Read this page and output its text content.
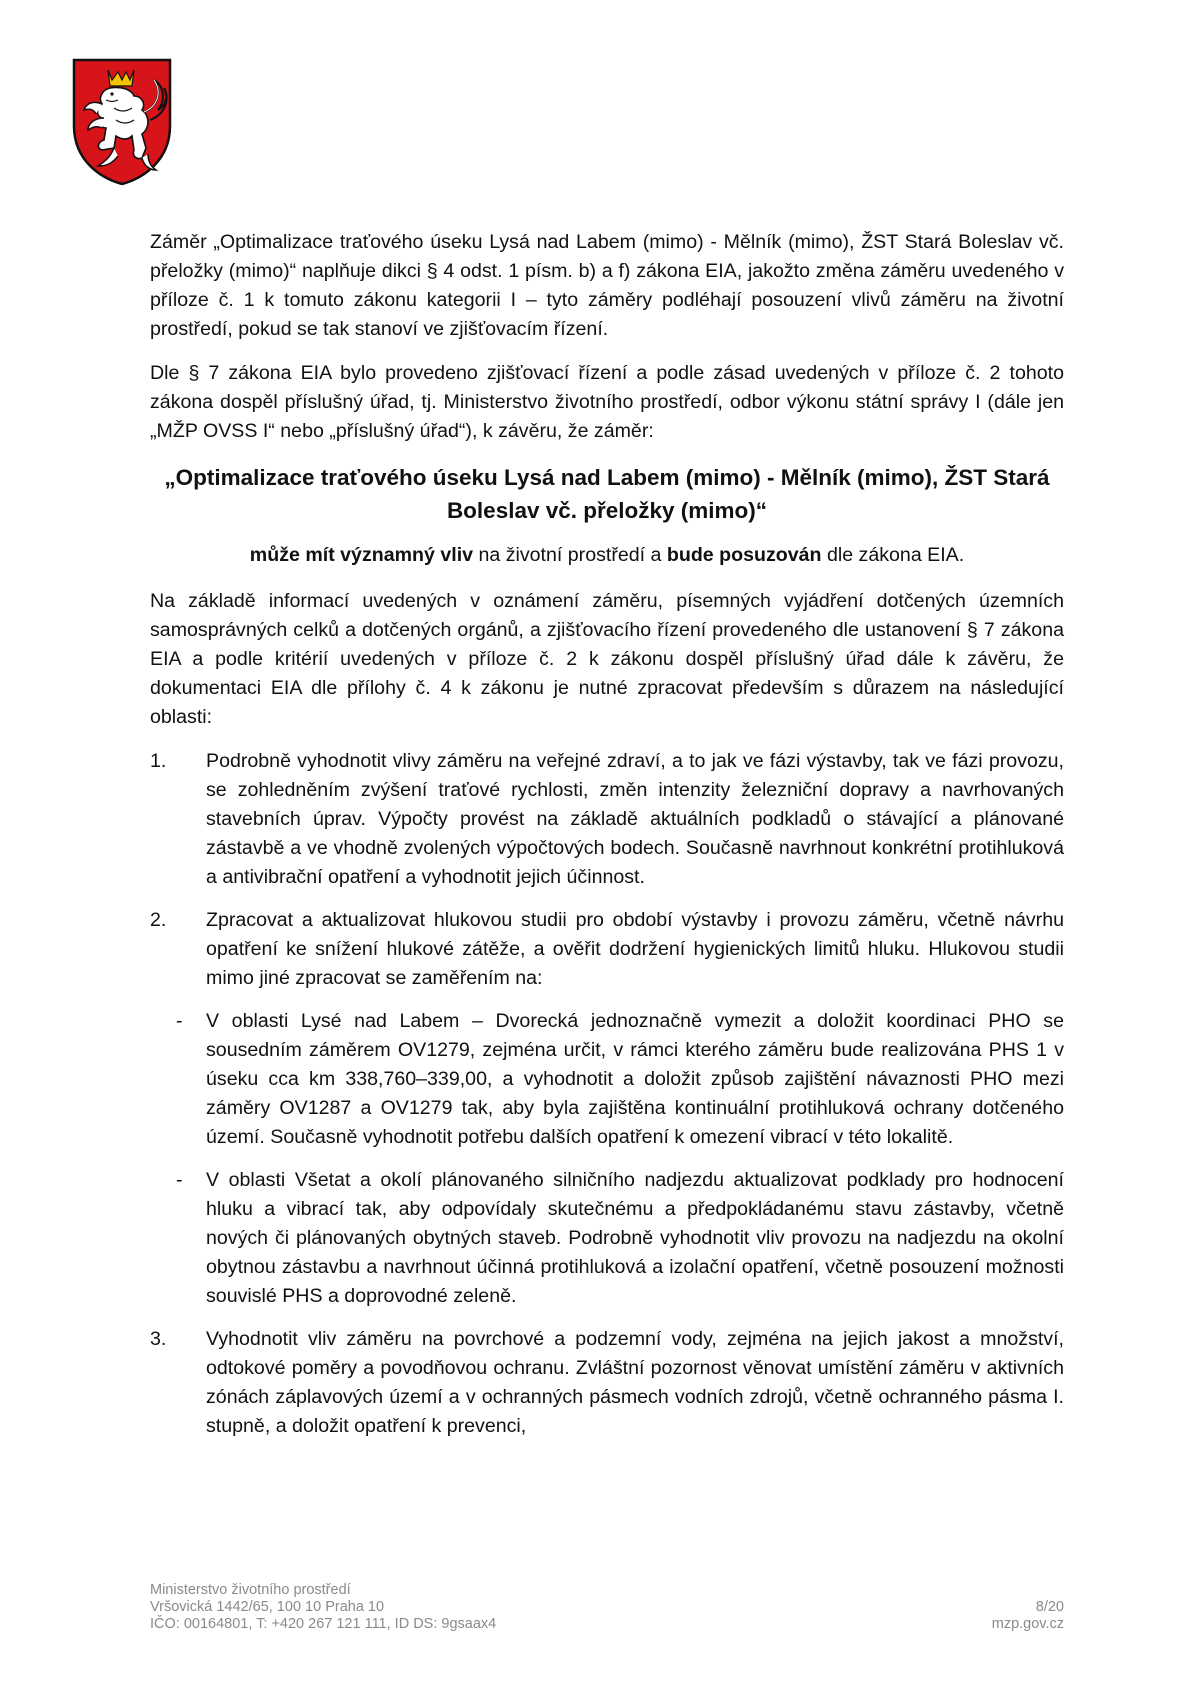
Záměr „Optimalizace traťového úseku Lysá nad Labem (mimo) - Mělník (mimo), ŽST Stará Boleslav vč. přeložky (mimo)“ naplňuje dikci § 4 odst. 1 písm. b) a f) zákona EIA, jakožto změna záměru uvedeného v příloze č. 1 k tomuto zákonu kategorii I – tyto záměry podléhají posouzení vlivů záměru na životní prostředí, pokud se tak stanoví ve zjišťovacím řízení.

Dle § 7 zákona EIA bylo provedeno zjišťovací řízení a podle zásad uvedených v příloze č. 2 tohoto zákona dospěl příslušný úřad, tj. Ministerstvo životního prostředí, odbor výkonu státní správy I (dále jen „MŽP OVSS I“ nebo „příslušný úřad“), k závěru, že záměr:

„Optimalizace traťového úseku Lysá nad Labem (mimo) - Mělník (mimo), ŽST Stará Boleslav vč. přeložky (mimo)“

může mít významný vliv na životní prostředí a bude posuzován dle zákona EIA.

Na základě informací uvedených v oznámení záměru, písemných vyjádření dotčených územních samosprávných celků a dotčených orgánů, a zjišťovacího řízení provedeného dle ustanovení § 7 zákona EIA a podle kritérií uvedených v příloze č. 2 k zákonu dospěl příslušný úřad dále k závěru, že dokumentaci EIA dle přílohy č. 4 k zákonu je nutné zpracovat především s důrazem na následující oblasti:

1.	Podrobně vyhodnotit vlivy záměru na veřejné zdraví, a to jak ve fázi výstavby, tak ve fázi provozu, se zohledněním zvýšení traťové rychlosti, změn intenzity železniční dopravy a navrhovaných stavebních úprav. Výpočty provést na základě aktuálních podkladů o stávající a plánované zástavbě a ve vhodně zvolených výpočtových bodech. Současně navrhnout konkrétní protihluková a antivibrační opatření a vyhodnotit jejich účinnost.
2.	Zpracovat a aktualizovat hlukovou studii pro období výstavby i provozu záměru, včetně návrhu opatření ke snížení hlukové zátěže, a ověřit dodržení hygienických limitů hluku. Hlukovou studii mimo jiné zpracovat se zaměřením na:
-	V oblasti Lysé nad Labem – Dvorecká jednoznačně vymezit a doložit koordinaci PHO se sousedním záměrem OV1279, zejména určit, v rámci kterého záměru bude realizována PHS 1 v úseku cca km 338,760–339,00, a vyhodnotit a doložit způsob zajištění návaznosti PHO mezi záměry OV1287 a OV1279 tak, aby byla zajištěna kontinuální protihluková ochrany dotčeného území. Současně vyhodnotit potřebu dalších opatření k omezení vibrací v této lokalitě.
-	V oblasti Všetat a okolí plánovaného silničního nadjezdu aktualizovat podklady pro hodnocení hluku a vibrací tak, aby odpovídaly skutečnému a předpokládanému stavu zástavby, včetně nových či plánovaných obytných staveb. Podrobně vyhodnotit vliv provozu na nadjezdu na okolní obytnou zástavbu a navrhnout účinná protihluková a izolační opatření, včetně posouzení možnosti souvislé PHS a doprovodné zeleně.
3.	Vyhodnotit vliv záměru na povrchové a podzemní vody, zejména na jejich jakost a množství, odtokové poměry a povodňovou ochranu. Zvláštní pozornost věnovat umístění záměru v aktivních zónách záplavových území a v ochranných pásmech vodních zdrojů, včetně ochranného pásma I. stupně, a doložit opatření k prevenci,
Ministerstvo životního prostředí
Vršovická 1442/65, 100 10 Praha 10	8/20
IČO: 00164801, T: +420 267 121 111, ID DS: 9gsaax4	mzp.gov.cz
